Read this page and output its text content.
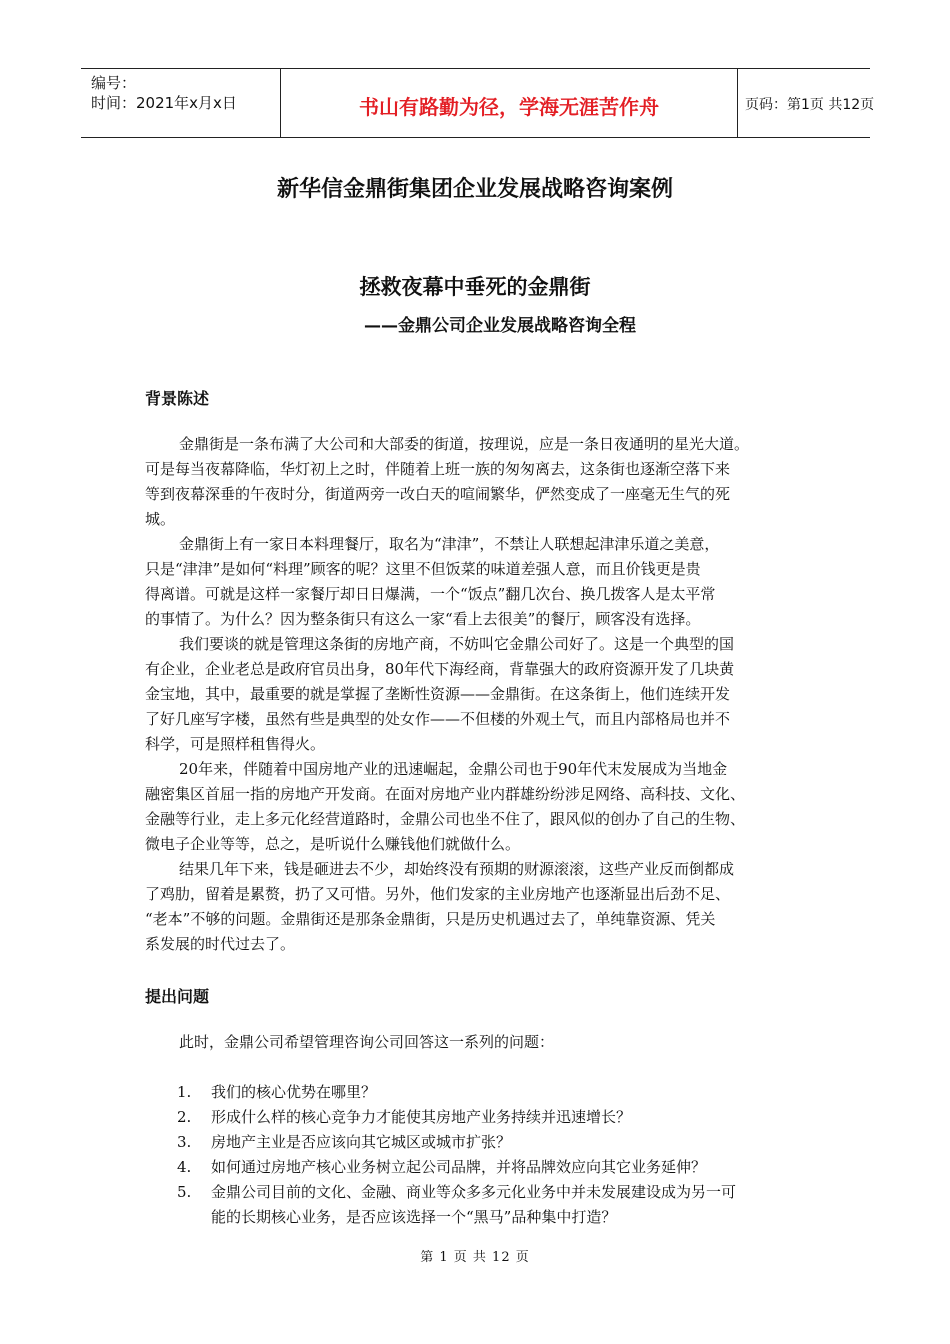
编号：
时间：2021年x月x日	书山有路勤为径，学海无涯苦作舟	页码：第1页 共12页
新华信金鼎街集团企业发展战略咨询案例
拯救夜幕中垂死的金鼎街
——金鼎公司企业发展战略咨询全程
背景陈述
金鼎街是一条布满了大公司和大部委的街道，按理说，应是一条日夜通明的星光大道。
可是每当夜幕降临，华灯初上之时，伴随着上班一族的匆匆离去，这条街也逐渐空落下来
等到夜幕深垂的午夜时分，街道两旁一改白天的喧闹繁华，俨然变成了一座毫无生气的死
城。
金鼎街上有一家日本料理餐厅，取名为“津津”，不禁让人联想起津津乐道之美意，
只是“津津”是如何“料理”顾客的呢？这里不但饭菜的味道差强人意，而且价钱更是贵
得离谱。可就是这样一家餐厅却日日爆满，一个“饭点”翻几次台、换几拨客人是太平常
的事情了。为什么？因为整条街只有这么一家“看上去很美”的餐厅，顾客没有选择。
我们要谈的就是管理这条街的房地产商，不妨叫它金鼎公司好了。这是一个典型的国
有企业，企业老总是政府官员出身，80年代下海经商，背靠强大的政府资源开发了几块黄
金宝地，其中，最重要的就是掌握了垄断性资源——金鼎街。在这条街上，他们连续开发
了好几座写字楼，虽然有些是典型的处女作——不但楼的外观土气，而且内部格局也并不
科学，可是照样租售得火。
20年来，伴随着中国房地产业的迅速崛起，金鼎公司也于90年代末发展成为当地金
融密集区首屈一指的房地产开发商。在面对房地产业内群雄纷纷涉足网络、高科技、文化、
金融等行业，走上多元化经营道路时，金鼎公司也坐不住了，跟风似的创办了自己的生物、
微电子企业等等，总之，是听说什么赚钱他们就做什么。
结果几年下来，钱是砸进去不少，却始终没有预期的财源滚滚，这些产业反而倒都成
了鸡肋，留着是累赘，扔了又可惜。另外，他们发家的主业房地产也逐渐显出后劲不足、
“老本”不够的问题。金鼎街还是那条金鼎街，只是历史机遇过去了，单纯靠资源、凭关
系发展的时代过去了。
提出问题
此时，金鼎公司希望管理咨询公司回答这一系列的问题：
1. 我们的核心优势在哪里？
2. 形成什么样的核心竞争力才能使其房地产业务持续并迅速增长？
3. 房地产主业是否应该向其它城区或城市扩张？
4. 如何通过房地产核心业务树立起公司品牌，并将品牌效应向其它业务延伸？
5. 金鼎公司目前的文化、金融、商业等众多多元化业务中并未发展建设成为另一可
能的长期核心业务，是否应该选择一个“黑马”品种集中打造？
第 1 页 共 12 页
